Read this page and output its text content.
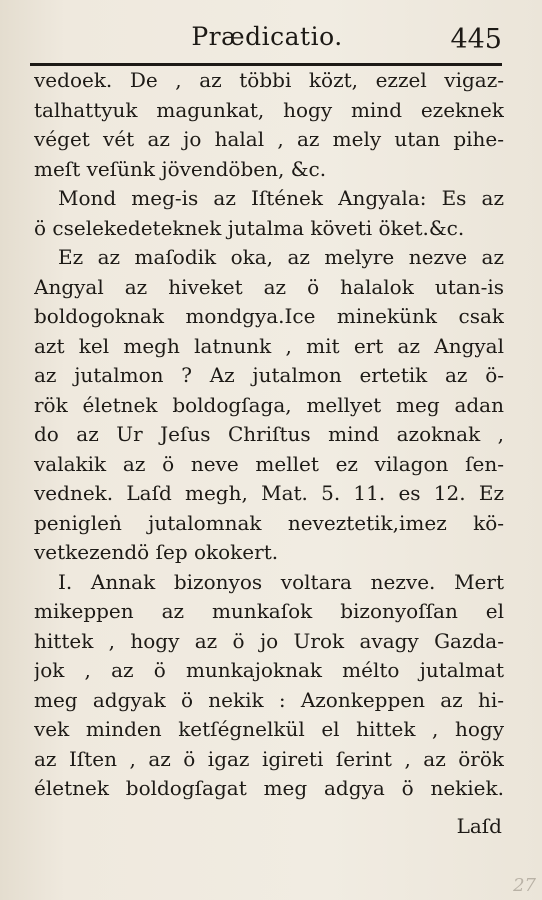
Prædicatio.	445
vedoek. De , az többi közt, ezzel vigaz-
talhattyuk magunkat, hogy mind ezeknek
véget vét az jo halal , az mely utan pihe-
meſt veſünk jövendöben, &c.
Mond meg-is az Iſtének Angyala: Es az
ö cselekedeteknek jutalma követi öket.&c.
Ez az maſodik oka, az melyre nezve az
Angyal az hiveket az ö halalok utan-is
boldogoknak mondgya.Ice minekünk csak
azt kel megh latnunk , mit ert az Angyal
az jutalmon ? Az jutalmon ertetik az ö-
rök életnek boldogſaga, mellyet meg adan
do az Ur Jeſus Chriſtus mind azoknak ,
valakik az ö neve mellet ez vilagon ſen-
vednek. Laſd megh, Mat. 5. 11. es 12. Ez
penigleṅ jutalomnak neveztetik,imez kö-
vetkezendö ſep okokert.
I. Annak bizonyos voltara nezve. Mert
mikeppen az munkaſok bizonyoſſan el
hittek , hogy az ö jo Urok avagy Gazda-
jok , az ö munkajoknak mélto jutalmat
meg adgyak ö nekik : Azonkeppen az hi-
vek minden ketſégnelkül el hittek , hogy
az Iſten , az ö igaz igireti ſerint , az örök
életnek boldogſagat meg adgya ö nekiek.
Laſd
27
